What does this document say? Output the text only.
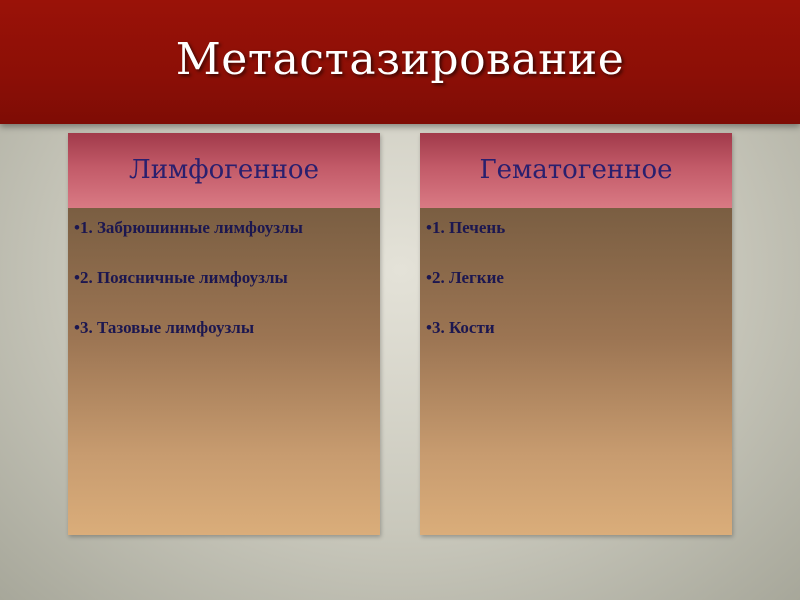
Метастазирование
Лимфогенное
•1. Забрюшинные лимфоузлы
•2. Поясничные лимфоузлы
•3. Тазовые лимфоузлы
Гематогенное
•1. Печень
•2. Легкие
•3. Кости
